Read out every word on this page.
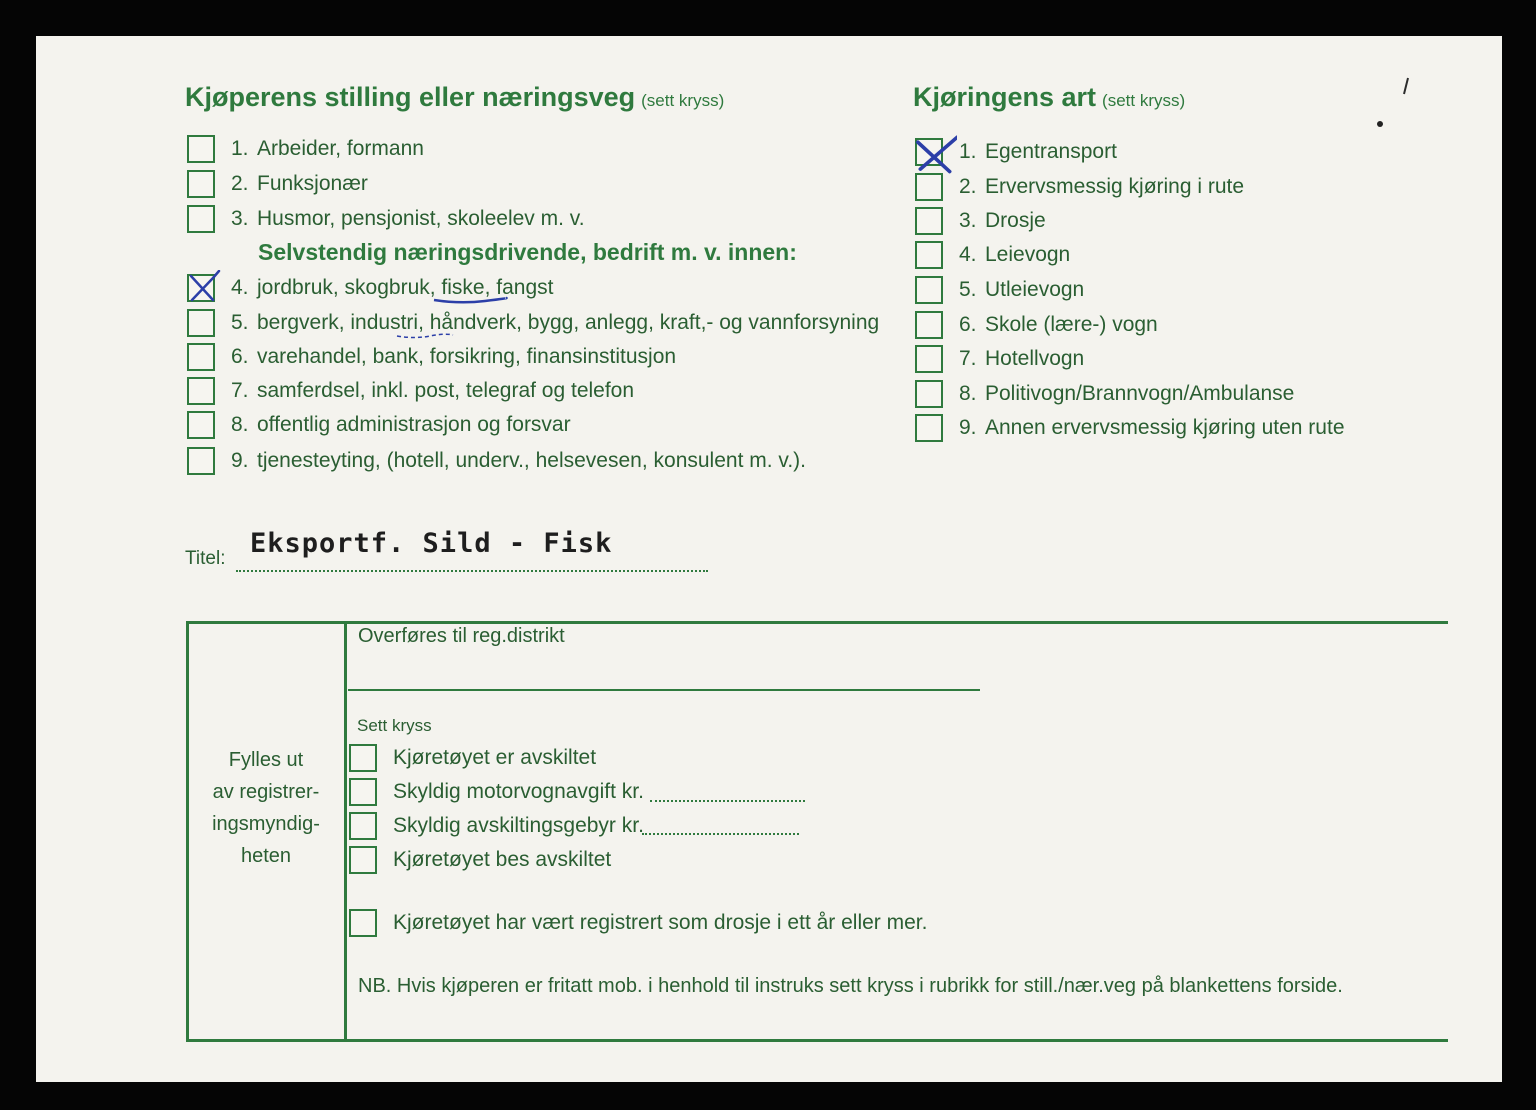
Kjøperens stilling eller næringsveg (sett kryss)
1. Arbeider, formann
2. Funksjonær
3. Husmor, pensjonist, skoleelev m. v.
Selvstendig næringsdrivende, bedrift m. v. innen:
4. jordbruk, skogbruk, fiske, fangst
5. bergverk, industri, håndverk, bygg, anlegg, kraft,- og vannforsyning
6. varehandel, bank, forsikring, finansinstitusjon
7. samferdsel, inkl. post, telegraf og telefon
8. offentlig administrasjon og forsvar
9. tjenesteyting, (hotell, underv., helsevesen, konsulent m. v.).
Kjøringens art (sett kryss)
1. Egentransport
2. Ervervsmessig kjøring i rute
3. Drosje
4. Leievogn
5. Utleievogn
6. Skole (lære-) vogn
7. Hotellvogn
8. Politivogn/Brannvogn/Ambulanse
9. Annen ervervsmessig kjøring uten rute
Titel: Eksportf. Sild - Fisk
Fylles ut
av registrer-
ingsmyndig-
heten
Overføres til reg.distrikt
Sett kryss
Kjøretøyet er avskiltet
Skyldig motorvognavgift kr.
Skyldig avskiltingsgebyr kr.
Kjøretøyet bes avskiltet
Kjøretøyet har vært registrert som drosje i ett år eller mer.
NB. Hvis kjøperen er fritatt mob. i henhold til instruks sett kryss i rubrikk for still./nær.veg på blankettens forside.
